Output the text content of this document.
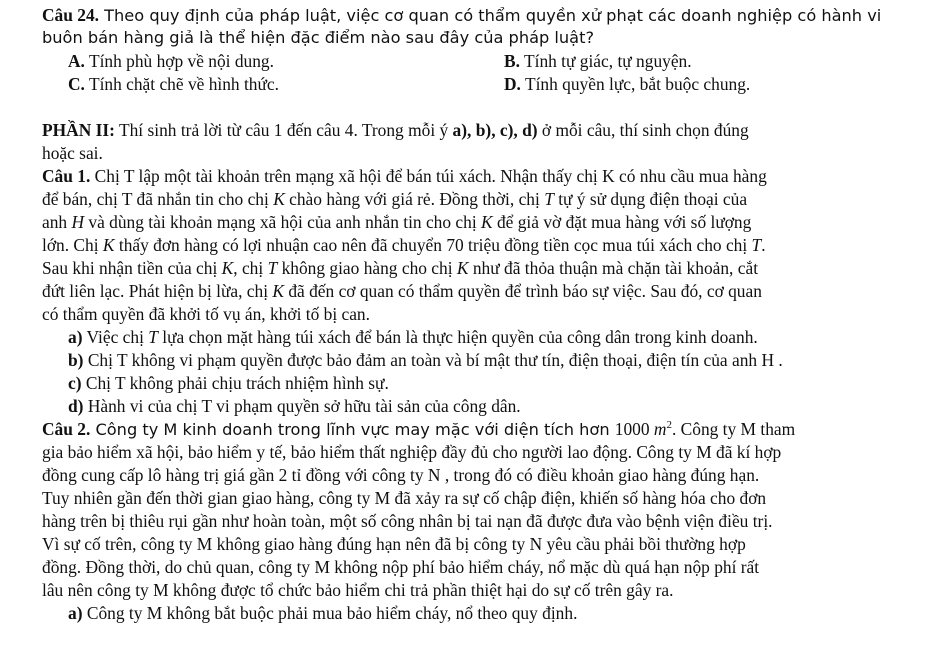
Câu 24. Theo quy định của pháp luật, việc cơ quan có thẩm quyền xử phạt các doanh nghiệp có hành vi
buôn bán hàng giả là thể hiện đặc điểm nào sau đây của pháp luật?
A. Tính phù hợp về nội dung.	B. Tính tự giác, tự nguyện.
C. Tính chặt chẽ về hình thức.	D. Tính quyền lực, bắt buộc chung.
PHẦN II: Thí sinh trả lời từ câu 1 đến câu 4. Trong mỗi ý a), b), c), d) ở mỗi câu, thí sinh chọn đúng
hoặc sai.
Câu 1. Chị T lập một tài khoản trên mạng xã hội để bán túi xách. Nhận thấy chị K có nhu cầu mua hàng
để bán, chị T đã nhắn tin cho chị K chào hàng với giá rẻ. Đồng thời, chị T tự ý sử dụng điện thoại của
anh H và dùng tài khoản mạng xã hội của anh nhắn tin cho chị K để giả vờ đặt mua hàng với số lượng
lớn. Chị K thấy đơn hàng có lợi nhuận cao nên đã chuyển 70 triệu đồng tiền cọc mua túi xách cho chị T.
Sau khi nhận tiền của chị K, chị T không giao hàng cho chị K như đã thỏa thuận mà chặn tài khoản, cắt
đứt liên lạc. Phát hiện bị lừa, chị K đã đến cơ quan có thẩm quyền để trình báo sự việc. Sau đó, cơ quan
có thẩm quyền đã khởi tố vụ án, khởi tố bị can.
a) Việc chị T lựa chọn mặt hàng túi xách để bán là thực hiện quyền của công dân trong kinh doanh.
b) Chị T không vi phạm quyền được bảo đảm an toàn và bí mật thư tín, điện thoại, điện tín của anh H .
c) Chị T không phải chịu trách nhiệm hình sự.
d) Hành vi của chị T vi phạm quyền sở hữu tài sản của công dân.
Câu 2. Công ty M kinh doanh trong lĩnh vực may mặc với diện tích hơn 1000 $m^2$. Công ty M tham
gia bảo hiểm xã hội, bảo hiểm y tế, bảo hiểm thất nghiệp đầy đủ cho người lao động. Công ty M đã kí hợp
đồng cung cấp lô hàng trị giá gần 2 tỉ đồng với công ty N , trong đó có điều khoản giao hàng đúng hạn.
Tuy nhiên gần đến thời gian giao hàng, công ty M đã xảy ra sự cố chập điện, khiến số hàng hóa cho đơn
hàng trên bị thiêu rụi gần như hoàn toàn, một số công nhân bị tai nạn đã được đưa vào bệnh viện điều trị.
Vì sự cố trên, công ty M không giao hàng đúng hạn nên đã bị công ty N yêu cầu phải bồi thường hợp
đồng. Đồng thời, do chủ quan, công ty M không nộp phí bảo hiểm cháy, nổ mặc dù quá hạn nộp phí rất
lâu nên công ty M không được tổ chức bảo hiểm chi trả phần thiệt hại do sự cố trên gây ra.
a) Công ty M không bắt buộc phải mua bảo hiểm cháy, nổ theo quy định.
